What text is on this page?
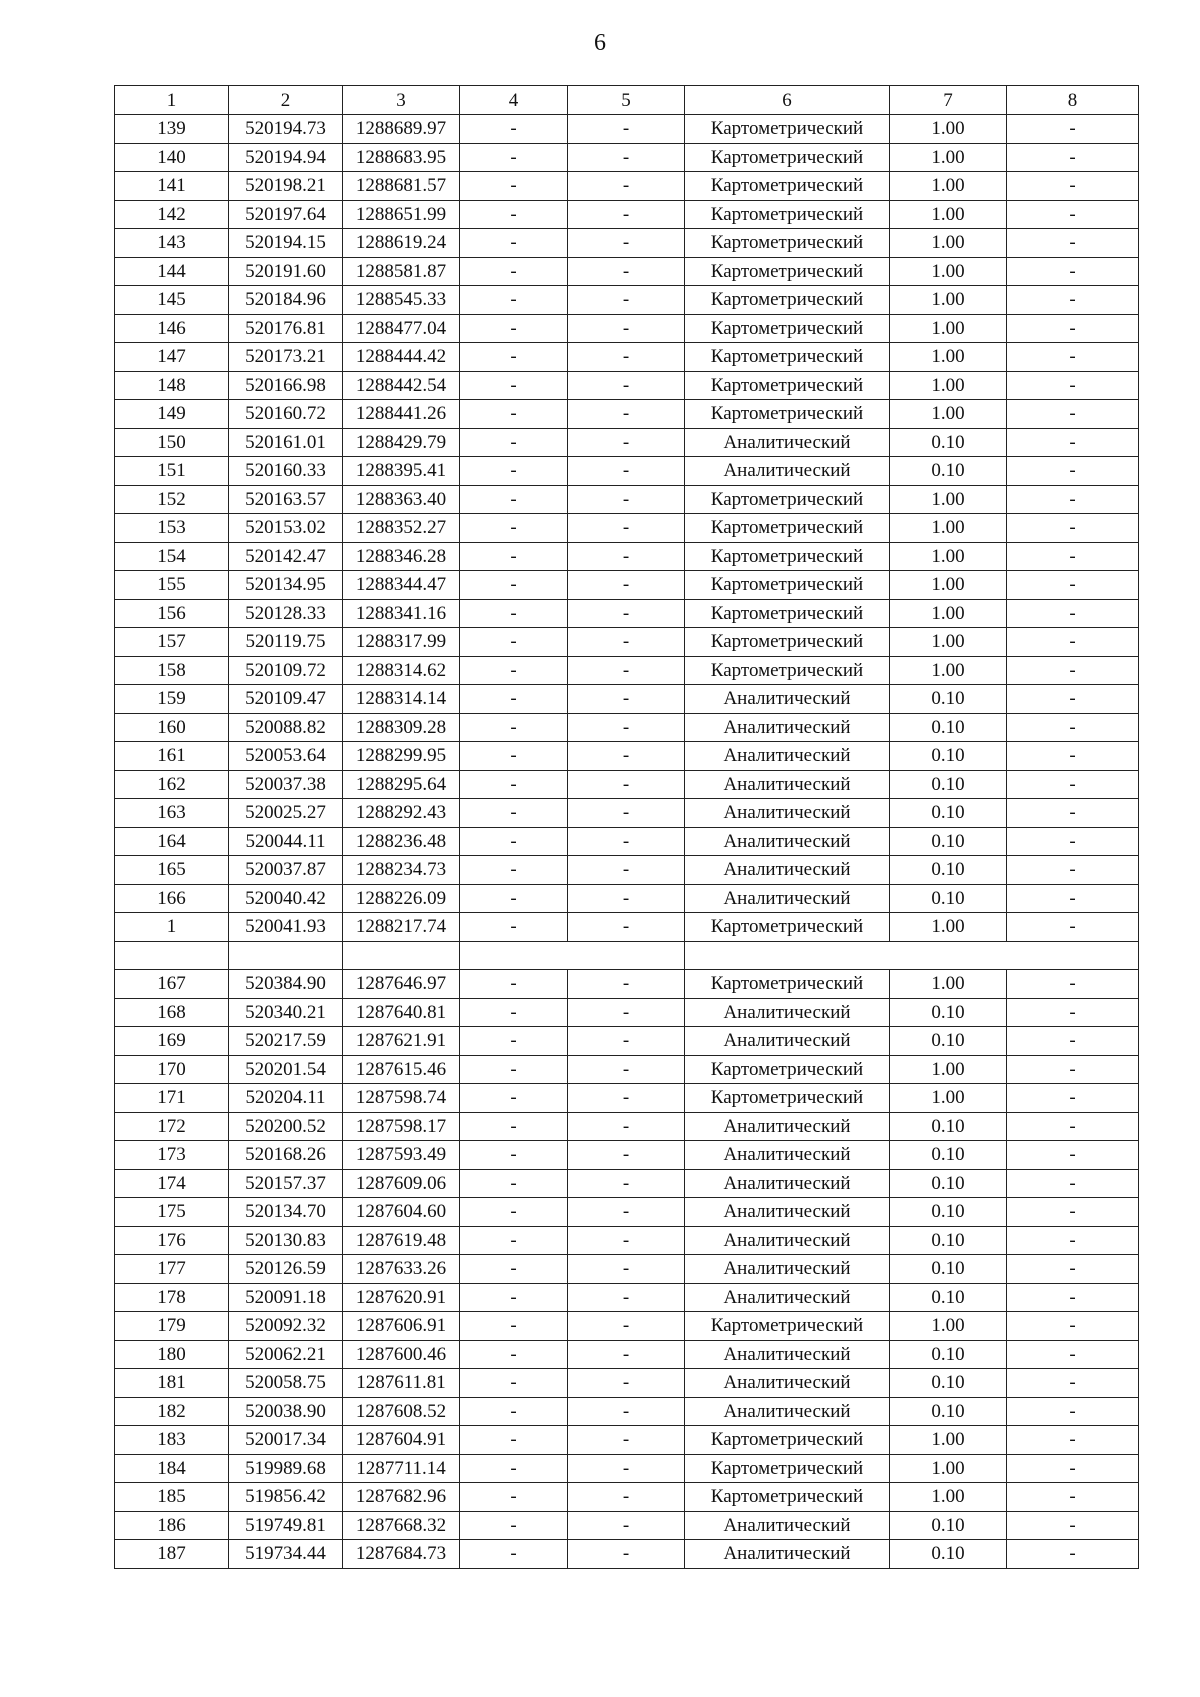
6
1	2	3	4	5	6	7	8
139	520194.73	1288689.97	-	-	Картометрический	1.00	-
140	520194.94	1288683.95	-	-	Картометрический	1.00	-
141	520198.21	1288681.57	-	-	Картометрический	1.00	-
142	520197.64	1288651.99	-	-	Картометрический	1.00	-
143	520194.15	1288619.24	-	-	Картометрический	1.00	-
144	520191.60	1288581.87	-	-	Картометрический	1.00	-
145	520184.96	1288545.33	-	-	Картометрический	1.00	-
146	520176.81	1288477.04	-	-	Картометрический	1.00	-
147	520173.21	1288444.42	-	-	Картометрический	1.00	-
148	520166.98	1288442.54	-	-	Картометрический	1.00	-
149	520160.72	1288441.26	-	-	Картометрический	1.00	-
150	520161.01	1288429.79	-	-	Аналитический	0.10	-
151	520160.33	1288395.41	-	-	Аналитический	0.10	-
152	520163.57	1288363.40	-	-	Картометрический	1.00	-
153	520153.02	1288352.27	-	-	Картометрический	1.00	-
154	520142.47	1288346.28	-	-	Картометрический	1.00	-
155	520134.95	1288344.47	-	-	Картометрический	1.00	-
156	520128.33	1288341.16	-	-	Картометрический	1.00	-
157	520119.75	1288317.99	-	-	Картометрический	1.00	-
158	520109.72	1288314.62	-	-	Картометрический	1.00	-
159	520109.47	1288314.14	-	-	Аналитический	0.10	-
160	520088.82	1288309.28	-	-	Аналитический	0.10	-
161	520053.64	1288299.95	-	-	Аналитический	0.10	-
162	520037.38	1288295.64	-	-	Аналитический	0.10	-
163	520025.27	1288292.43	-	-	Аналитический	0.10	-
164	520044.11	1288236.48	-	-	Аналитический	0.10	-
165	520037.87	1288234.73	-	-	Аналитический	0.10	-
166	520040.42	1288226.09	-	-	Аналитический	0.10	-
1	520041.93	1288217.74	-	-	Картометрический	1.00	-

167	520384.90	1287646.97	-	-	Картометрический	1.00	-
168	520340.21	1287640.81	-	-	Аналитический	0.10	-
169	520217.59	1287621.91	-	-	Аналитический	0.10	-
170	520201.54	1287615.46	-	-	Картометрический	1.00	-
171	520204.11	1287598.74	-	-	Картометрический	1.00	-
172	520200.52	1287598.17	-	-	Аналитический	0.10	-
173	520168.26	1287593.49	-	-	Аналитический	0.10	-
174	520157.37	1287609.06	-	-	Аналитический	0.10	-
175	520134.70	1287604.60	-	-	Аналитический	0.10	-
176	520130.83	1287619.48	-	-	Аналитический	0.10	-
177	520126.59	1287633.26	-	-	Аналитический	0.10	-
178	520091.18	1287620.91	-	-	Аналитический	0.10	-
179	520092.32	1287606.91	-	-	Картометрический	1.00	-
180	520062.21	1287600.46	-	-	Аналитический	0.10	-
181	520058.75	1287611.81	-	-	Аналитический	0.10	-
182	520038.90	1287608.52	-	-	Аналитический	0.10	-
183	520017.34	1287604.91	-	-	Картометрический	1.00	-
184	519989.68	1287711.14	-	-	Картометрический	1.00	-
185	519856.42	1287682.96	-	-	Картометрический	1.00	-
186	519749.81	1287668.32	-	-	Аналитический	0.10	-
187	519734.44	1287684.73	-	-	Аналитический	0.10	-
